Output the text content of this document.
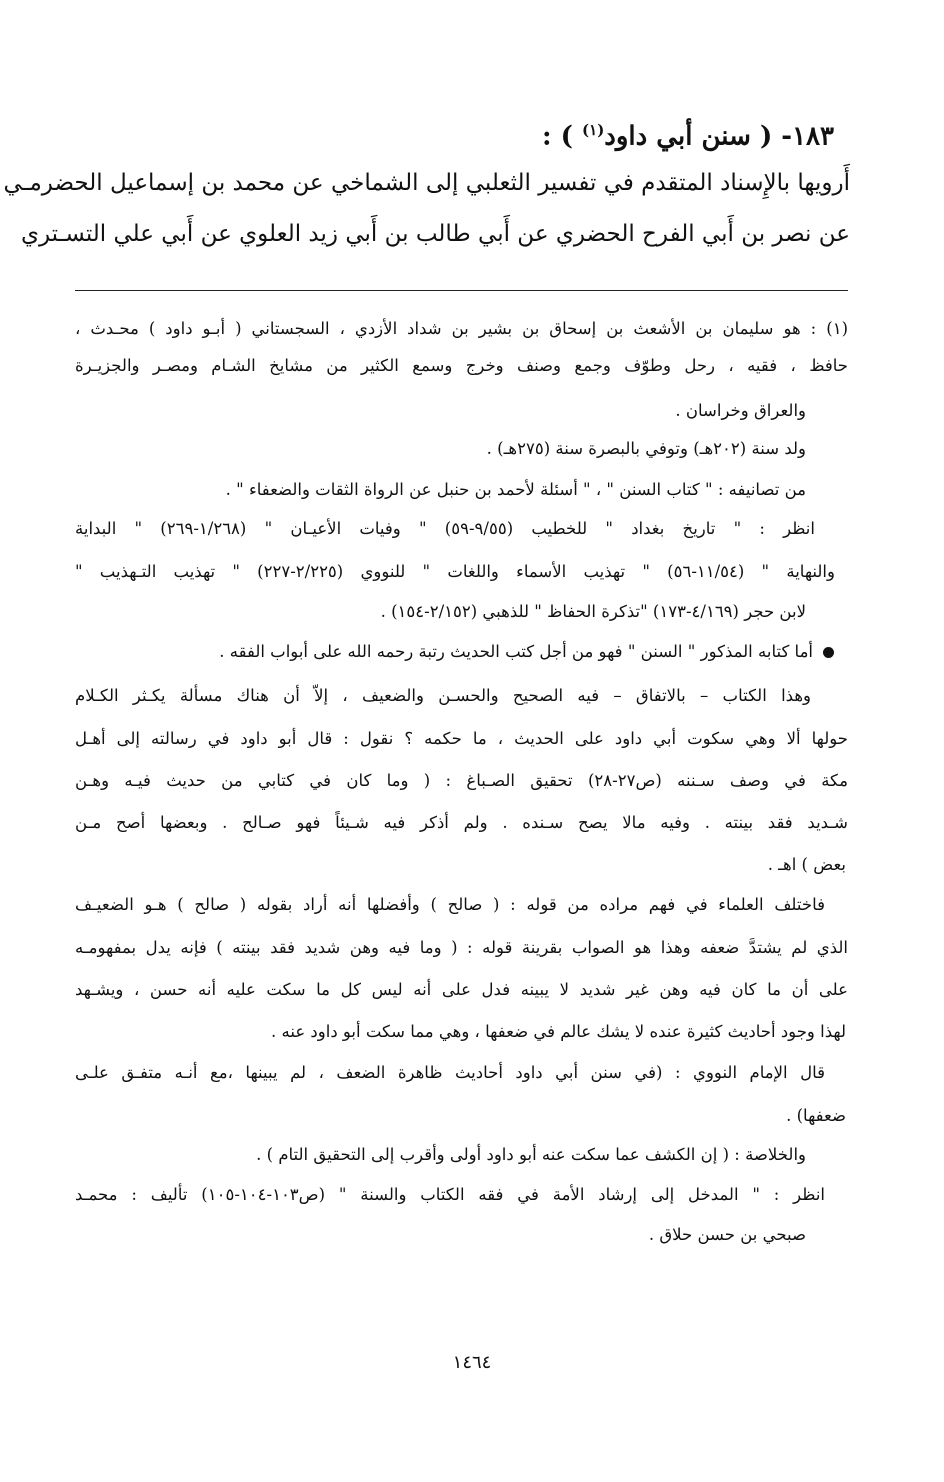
١٨٣- ( سنن أبي داود$^{(١)}$ ) :
أَرويها بالإِسناد المتقدم في تفسير الثعلبي إلى الشماخي عن محمد بن إسماعيل الحضرمـي
عن نصر بن أَبي الفرح الحضري عن أَبي طالب بن أَبي زيد العلوي عن أَبي علي التسـتري
(١) : هو سليمان بن الأشعث بن إسحاق بن بشير بن شداد الأزدي ، السجستاني ( أبـو داود ) محـدث ،
حافظ ، فقيه ، رحل وطوّف وجمع وصنف وخرج وسمع الكثير من مشايخ الشـام ومصـر والجزيـرة
والعراق وخراسان .
ولد سنة (٢٠٢هـ) وتوفي بالبصرة سنة (٢٧٥هـ) .
من تصانيفه : " كتاب السنن " ، " أسئلة لأحمد بن حنبل عن الرواة الثقات والضعفاء " .
انظر : " تاريخ بغداد " للخطيب (٩/٥٥-٥٩) " وفيات الأعيـان " (١/٢٦٨-٢٦٩) " البداية
والنهاية " (١١/٥٤-٥٦) " تهذيب الأسماء واللغات " للنووي (٢/٢٢٥-٢٢٧) " تهذيب التـهذيب "
لابن حجر (٤/١٦٩-١٧٣) "تذكرة الحفاظ " للذهبي (٢/١٥٢-١٥٤) .
أما كتابه المذكور " السنن " فهو من أجل كتب الحديث رتبة رحمه الله على أبواب الفقه .
وهذا الكتاب – بالاتفاق – فيه الصحيح والحسـن والضعيف ، إلاّ أن هناك مسألة يكـثر الكـلام
حولها ألا وهي سكوت أبي داود على الحديث ، ما حكمه ؟ نقول : قال أبو داود في رسالته إلى أهـل
مكة في وصف سـننه (ص٢٧-٢٨) تحقيق الصـباغ : ( وما كان في كتابي من حديث فيـه وهـن
شـديد فقد بينته . وفيه مالا يصح سـنده . ولم أذكر فيه شـيئاً فهو صـالح . وبعضها أصح مـن
بعض ) اهـ .
فاختلف العلماء في فهم مراده من قوله : ( صالح ) وأفضلها أنه أراد بقوله ( صالح ) هـو الضعيـف
الذي لم يشتدَّ ضعفه وهذا هو الصواب بقرينة قوله : ( وما فيه وهن شديد فقد بينته ) فإنه يدل بمفهومـه
على أن ما كان فيه وهن غير شديد لا يبينه فدل على أنه ليس كل ما سكت عليه أنه حسن ، ويشـهد
لهذا وجود أحاديث كثيرة عنده لا يشك عالم في ضعفها ، وهي مما سكت أبو داود عنه .
قال الإمام النووي : (في سنن أبي داود أحاديث ظاهرة الضعف ، لم يبينها ،مع أنـه متفـق علـى
ضعفها) .
والخلاصة : ( إن الكشف عما سكت عنه أبو داود أولى وأقرب إلى التحقيق التام ) .
انظر : " المدخل إلى إرشاد الأمة في فقه الكتاب والسنة " (ص١٠٣-١٠٤-١٠٥) تأليف : محمـد
صبحي بن حسن حلاق .
١٤٦٤
